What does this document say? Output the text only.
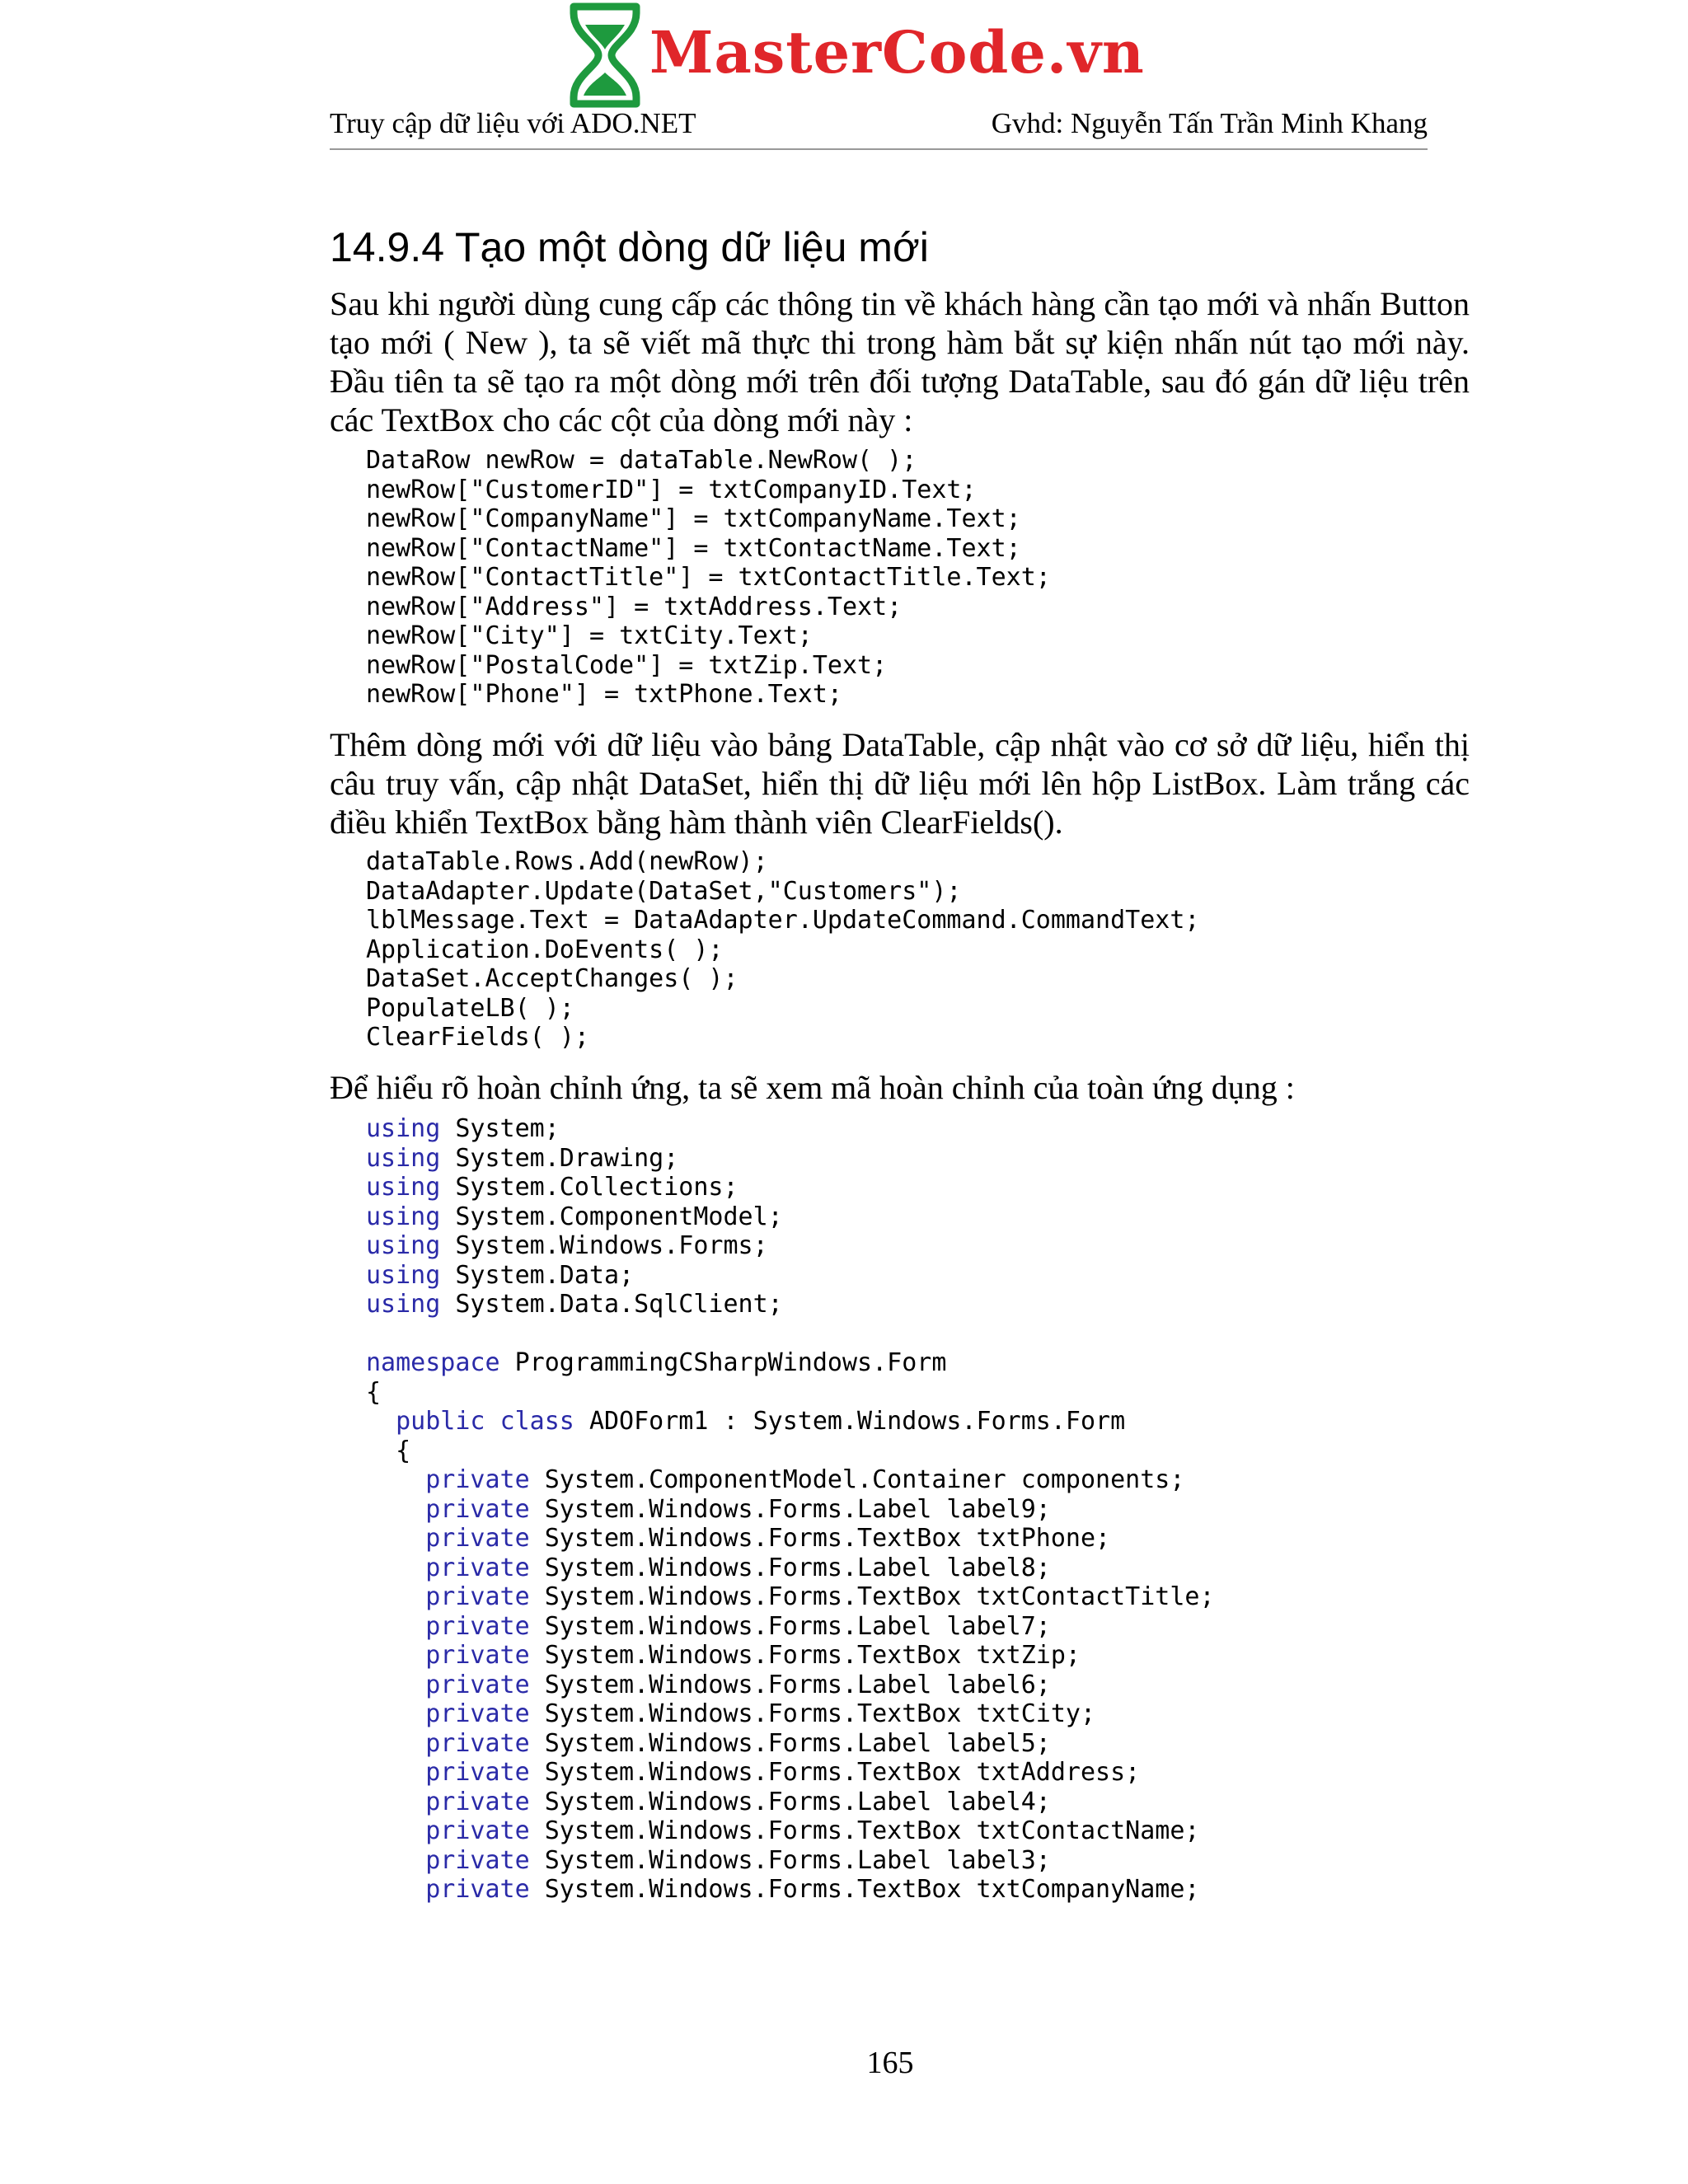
MasterCode.vn
Truy cập dữ liệu với ADO.NET	Gvhd: Nguyễn Tấn Trần Minh Khang
14.9.4 Tạo một dòng dữ liệu mới

Sau khi người dùng cung cấp các thông tin về khách hàng cần tạo mới và nhấn Button tạo mới ( New ), ta sẽ viết mã thực thi trong hàm bắt sự kiện nhấn nút tạo mới này. Đầu tiên ta sẽ tạo ra một dòng mới trên đối tượng DataTable, sau đó gán dữ liệu trên các TextBox cho các cột của dòng mới này :

DataRow newRow = dataTable.NewRow( );
newRow["CustomerID"] = txtCompanyID.Text;
newRow["CompanyName"] = txtCompanyName.Text;
newRow["ContactName"] = txtContactName.Text;
newRow["ContactTitle"] = txtContactTitle.Text;
newRow["Address"] = txtAddress.Text;
newRow["City"] = txtCity.Text;
newRow["PostalCode"] = txtZip.Text;
newRow["Phone"] = txtPhone.Text;

Thêm dòng mới với dữ liệu vào bảng DataTable, cập nhật vào cơ sở dữ liệu, hiển thị câu truy vấn, cập nhật DataSet, hiển thị dữ liệu mới lên hộp ListBox. Làm trắng các điều khiển TextBox bằng hàm thành viên ClearFields().

dataTable.Rows.Add(newRow);
DataAdapter.Update(DataSet,"Customers");
lblMessage.Text = DataAdapter.UpdateCommand.CommandText;
Application.DoEvents( );
DataSet.AcceptChanges( );
PopulateLB( );
ClearFields( );

Để hiểu rõ hoàn chỉnh ứng, ta sẽ xem mã hoàn chỉnh của toàn ứng dụng :

using System;
using System.Drawing;
using System.Collections;
using System.ComponentModel;
using System.Windows.Forms;
using System.Data;
using System.Data.SqlClient;
namespace ProgrammingCSharpWindows.Form
{
public class ADOForm1 : System.Windows.Forms.Form
{
private System.ComponentModel.Container components;
private System.Windows.Forms.Label label9;
private System.Windows.Forms.TextBox txtPhone;
private System.Windows.Forms.Label label8;
private System.Windows.Forms.TextBox txtContactTitle;
private System.Windows.Forms.Label label7;
private System.Windows.Forms.TextBox txtZip;
private System.Windows.Forms.Label label6;
private System.Windows.Forms.TextBox txtCity;
private System.Windows.Forms.Label label5;
private System.Windows.Forms.TextBox txtAddress;
private System.Windows.Forms.Label label4;
private System.Windows.Forms.TextBox txtContactName;
private System.Windows.Forms.Label label3;
private System.Windows.Forms.TextBox txtCompanyName;
165
